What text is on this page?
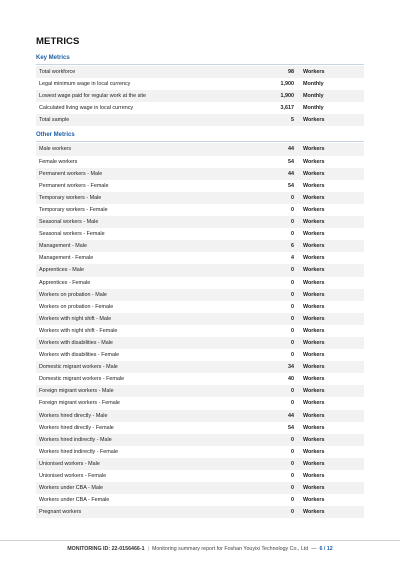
METRICS
Key Metrics
Total workforce	98	Workers
Legal minimum wage in local currency	1,900	Monthly
Lowest wage paid for regular work at the site	1,900	Monthly
Calculated living wage in local currency	3,617	Monthly
Total sample	5	Workers
Other Metrics
Male workers	44	Workers
Female workers	54	Workers
Permanent workers - Male	44	Workers
Permanent workers - Female	54	Workers
Temporary workers - Male	0	Workers
Temporary workers - Female	0	Workers
Seasonal workers - Male	0	Workers
Seasonal workers - Female	0	Workers
Management - Male	6	Workers
Management - Female	4	Workers
Apprentices - Male	0	Workers
Apprentices - Female	0	Workers
Workers on probation - Male	0	Workers
Workers on probation - Female	0	Workers
Workers with night shift - Male	0	Workers
Workers with night shift - Female	0	Workers
Workers with disabilities - Male	0	Workers
Workers with disabilities - Female	0	Workers
Domestic migrant workers - Male	34	Workers
Domestic migrant workers - Female	40	Workers
Foreign migrant workers - Male	0	Workers
Foreign migrant workers - Female	0	Workers
Workers hired directly - Male	44	Workers
Workers hired directly - Female	54	Workers
Workers hired indirectly - Male	0	Workers
Workers hired indirectly - Female	0	Workers
Unionised workers - Male	0	Workers
Unionised workers - Female	0	Workers
Workers under CBA - Male	0	Workers
Workers under CBA - Female	0	Workers
Pregnant workers	0	Workers
MONITORING ID: 22-0156466-1 | Monitoring summary report for Foshan Youyixi Technology Co., Ltd — 6 / 12
